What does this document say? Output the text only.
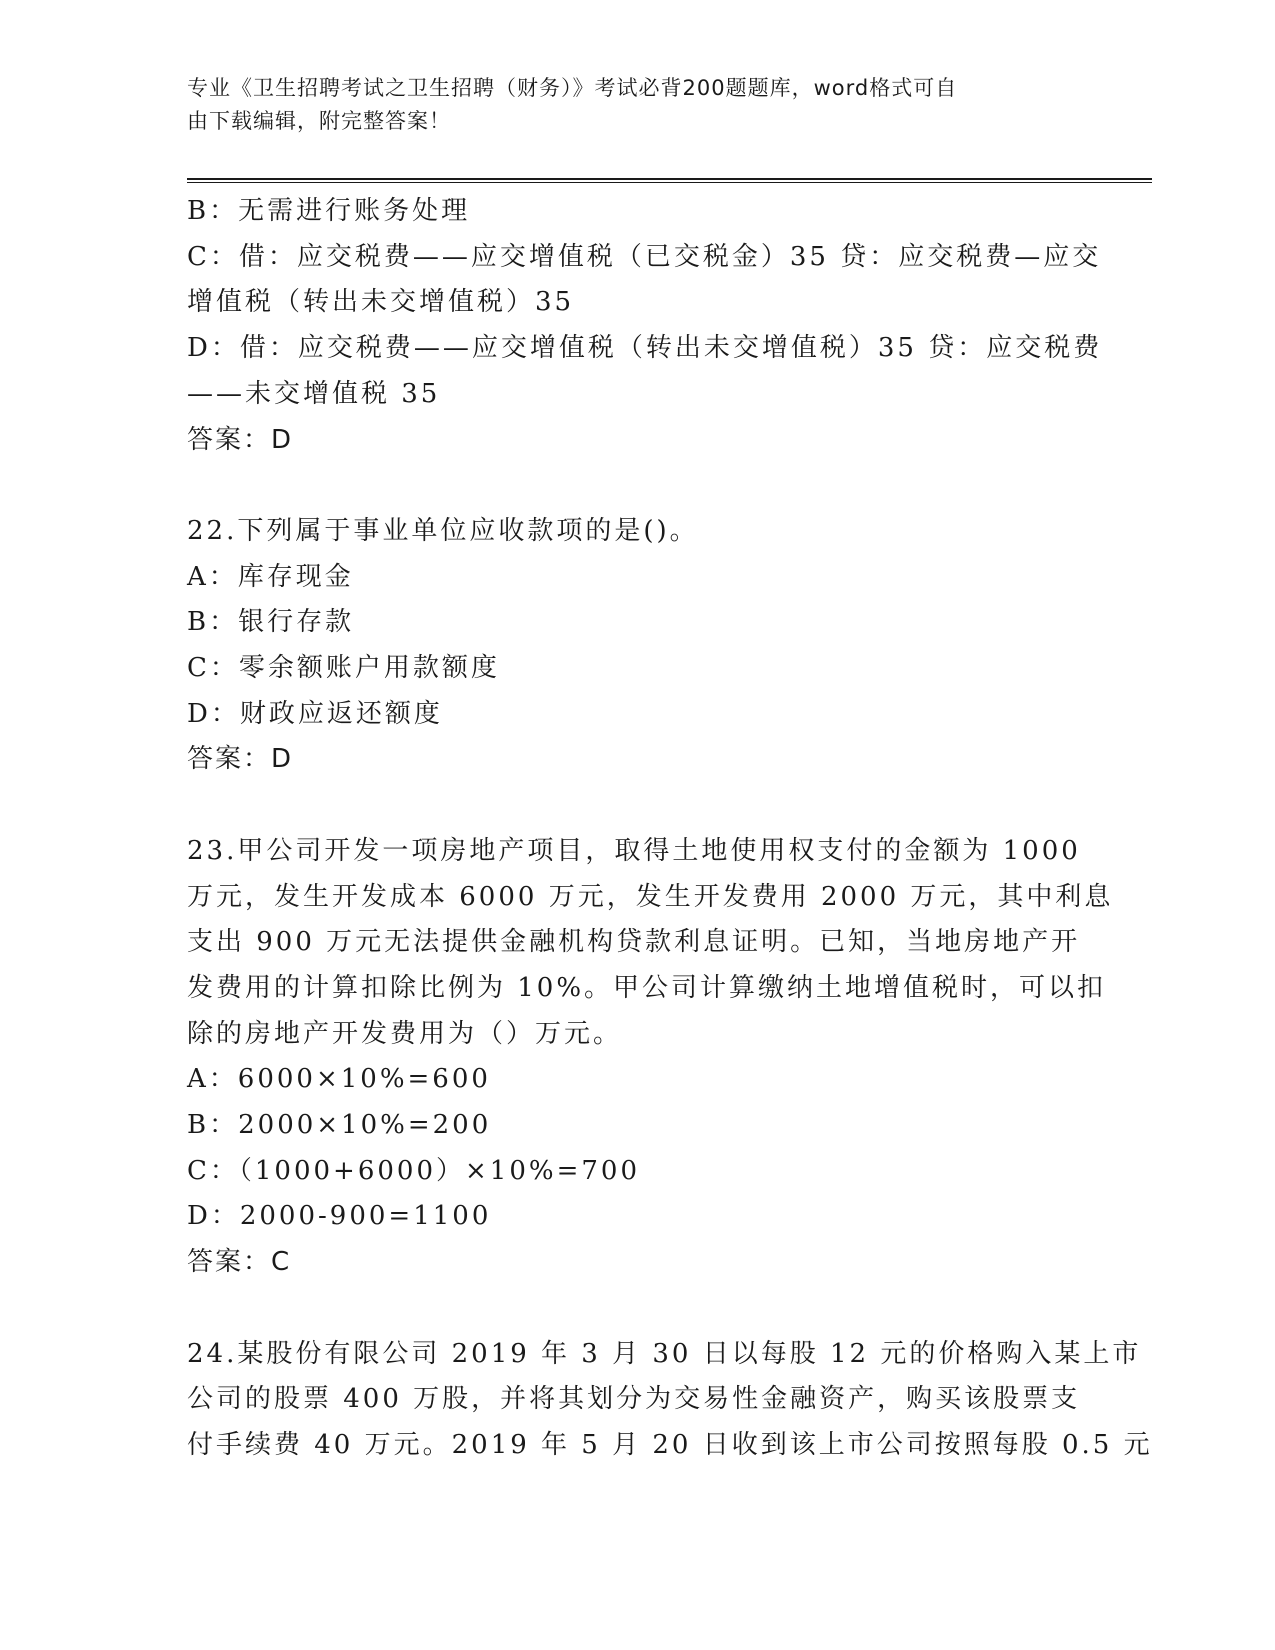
专业《卫生招聘考试之卫生招聘（财务）》考试必背200题题库，word格式可自
由下载编辑，附完整答案！
B：无需进行账务处理
C：借：应交税费——应交增值税（已交税金）35 贷：应交税费—应交
增值税（转出未交增值税）35
D：借：应交税费——应交增值税（转出未交增值税）35 贷：应交税费
——未交增值税 35
答案：D
22.下列属于事业单位应收款项的是()。
A：库存现金
B：银行存款
C：零余额账户用款额度
D：财政应返还额度
答案：D
23.甲公司开发一项房地产项目，取得土地使用权支付的金额为 1000
万元，发生开发成本 6000 万元，发生开发费用 2000 万元，其中利息
支出 900 万元无法提供金融机构贷款利息证明。已知，当地房地产开
发费用的计算扣除比例为 10%。甲公司计算缴纳土地增值税时，可以扣
除的房地产开发费用为（）万元。
A：6000×10%=600
B：2000×10%=200
C：（1000+6000）×10%=700
D：2000-900=1100
答案：C
24.某股份有限公司 2019 年 3 月 30 日以每股 12 元的价格购入某上市
公司的股票 400 万股，并将其划分为交易性金融资产，购买该股票支
付手续费 40 万元。2019 年 5 月 20 日收到该上市公司按照每股 0.5 元
